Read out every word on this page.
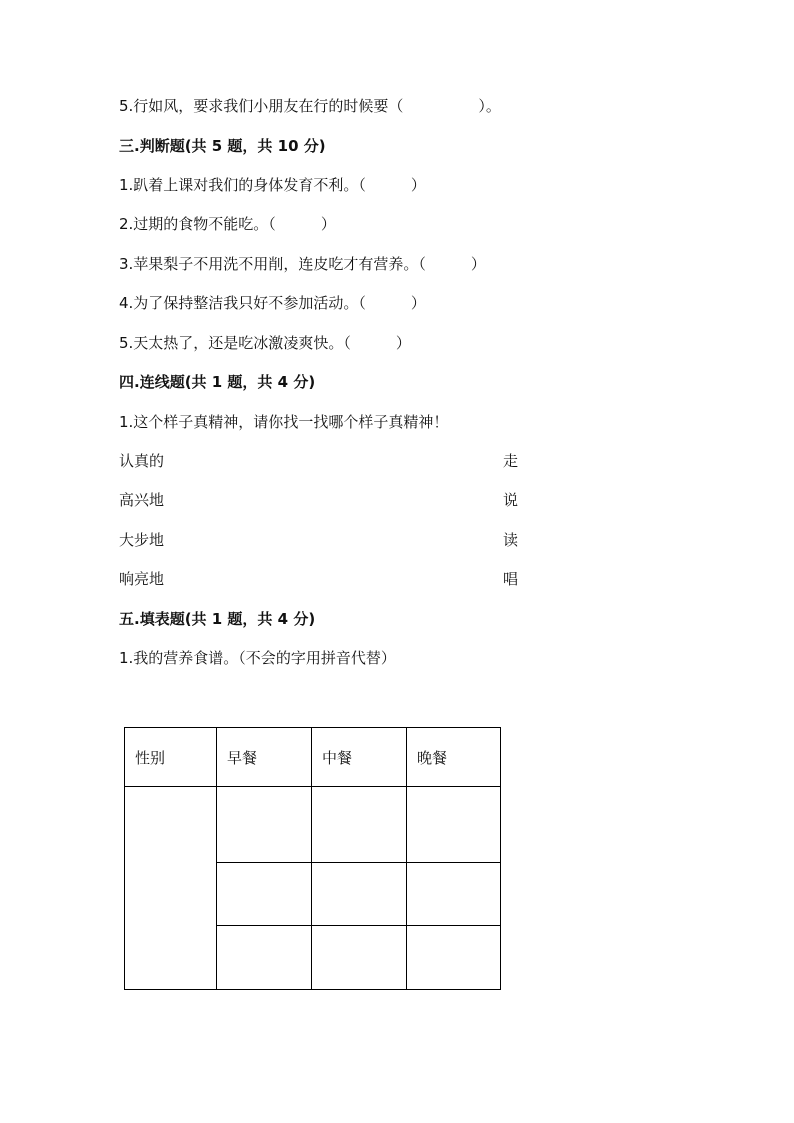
5.行如风，要求我们小朋友在行的时候要（　　　　　）。
三.判断题(共 5 题，共 10 分)
1.趴着上课对我们的身体发育不利。（　　　）
2.过期的食物不能吃。（　　　）
3.苹果梨子不用洗不用削，连皮吃才有营养。（　　　）
4.为了保持整洁我只好不参加活动。（　　　）
5.天太热了，还是吃冰激凌爽快。（　　　）
四.连线题(共 1 题，共 4 分)
1.这个样子真精神，请你找一找哪个样子真精神！
认真的	走
高兴地	说
大步地	读
响亮地	唱
五.填表题(共 1 题，共 4 分)
1.我的营养食谱。（不会的字用拼音代替）
性别	早餐	中餐	晚餐
